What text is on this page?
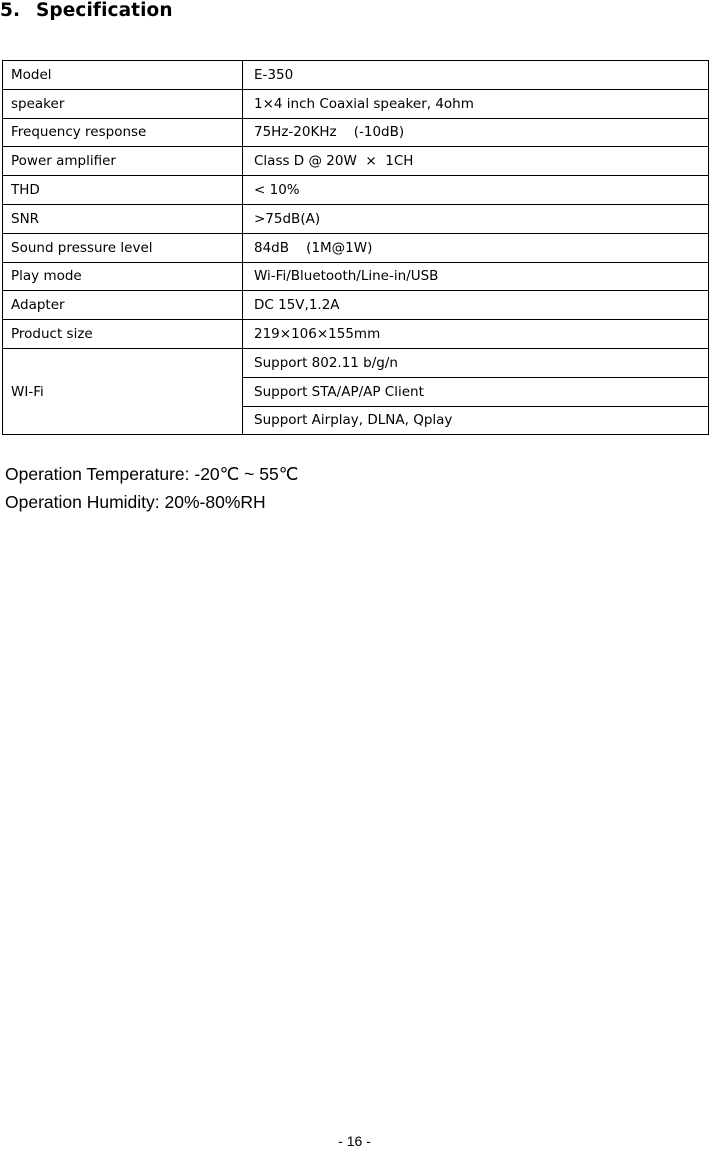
5. Specification
Model	E-350
speaker	1×4 inch Coaxial speaker, 4ohm
Frequency response	75Hz-20KHz    (-10dB)
Power amplifier	Class D @ 20W  ×  1CH
THD	< 10%
SNR	>75dB(A)
Sound pressure level	84dB    (1M@1W)
Play mode	Wi-Fi/Bluetooth/Line-in/USB
Adapter	DC 15V,1.2A
Product size	219×106×155mm
WI-Fi	Support 802.11 b/g/n
	Support STA/AP/AP Client
	Support Airplay, DLNA, Qplay
Operation Temperature: -20℃ ~ 55℃
Operation Humidity: 20%-80%RH
- 16 -
